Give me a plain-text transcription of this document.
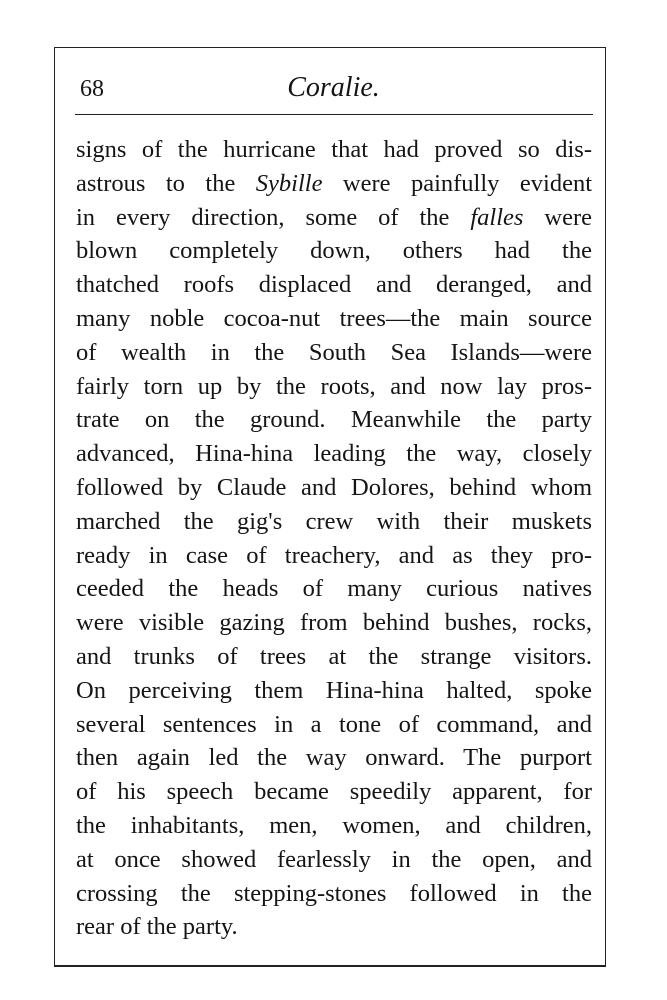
68	Coralie.
signs of the hurricane that had proved so dis-
astrous to the Sybille were painfully evident
in every direction, some of the falles were
blown completely down, others had the
thatched roofs displaced and deranged, and
many noble cocoa-nut trees—the main source
of wealth in the South Sea Islands—were
fairly torn up by the roots, and now lay pros-
trate on the ground. Meanwhile the party
advanced, Hina-hina leading the way, closely
followed by Claude and Dolores, behind whom
marched the gig's crew with their muskets
ready in case of treachery, and as they pro-
ceeded the heads of many curious natives
were visible gazing from behind bushes, rocks,
and trunks of trees at the strange visitors.
On perceiving them Hina-hina halted, spoke
several sentences in a tone of command, and
then again led the way onward. The purport
of his speech became speedily apparent, for
the inhabitants, men, women, and children,
at once showed fearlessly in the open, and
crossing the stepping-stones followed in the
rear of the party.
